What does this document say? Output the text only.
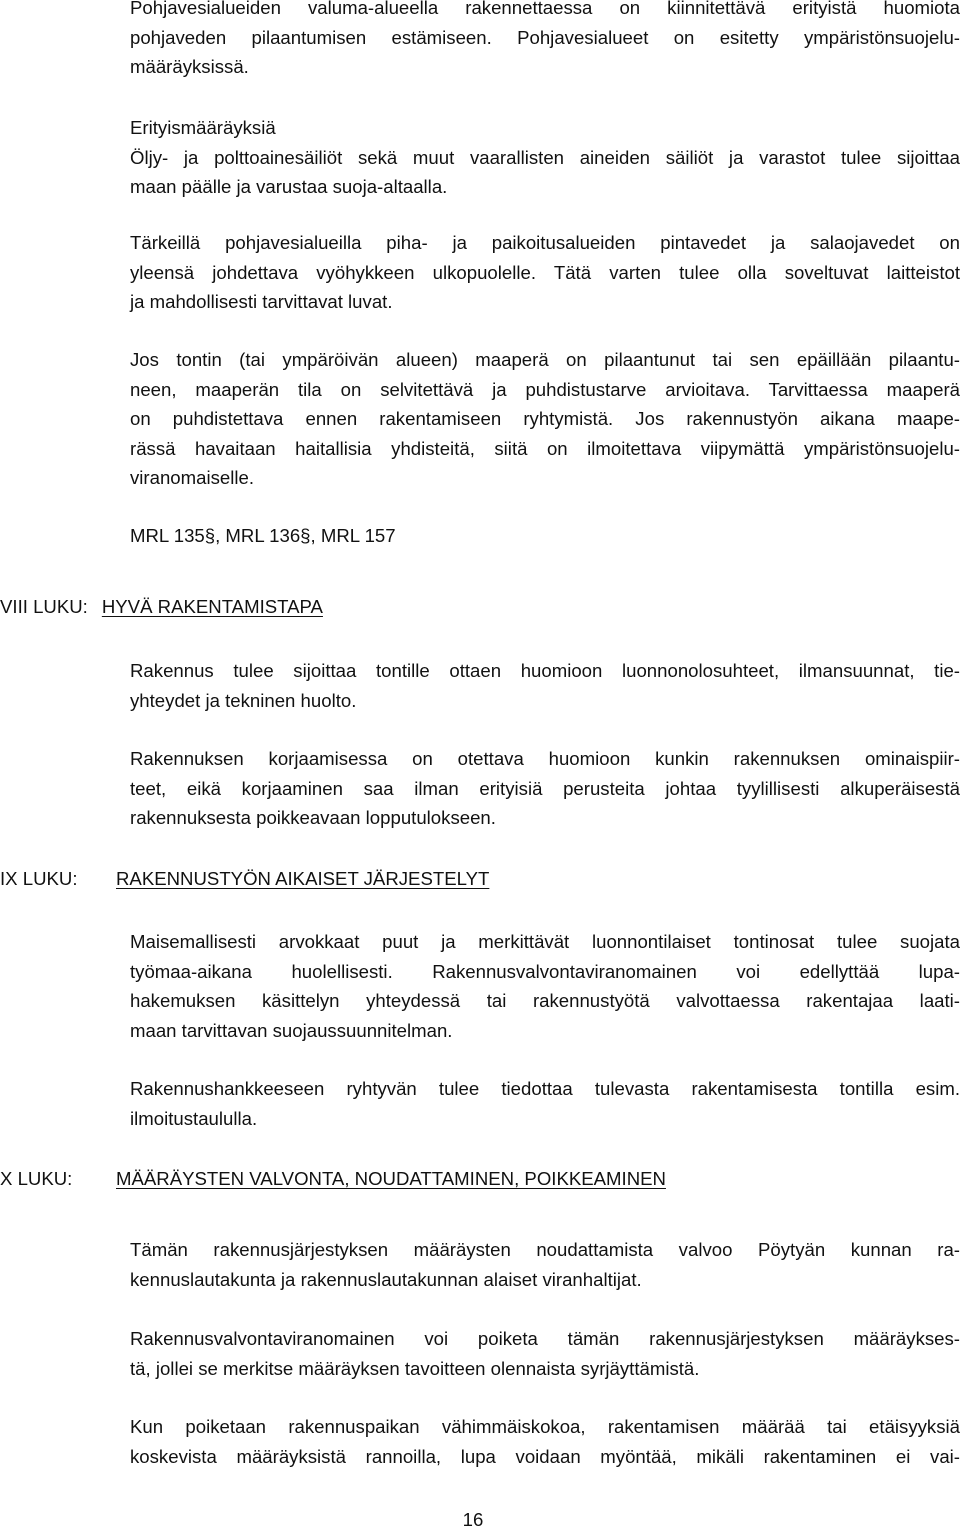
Pohjavesialueiden valuma-alueella rakennettaessa on kiinnitettävä erityistä huomiota
pohjaveden pilaantumisen estämiseen. Pohjavesialueet on esitetty ympäristönsuojelu-
määräyksissä.
Erityismääräyksiä
Öljy- ja polttoainesäiliöt sekä muut vaarallisten aineiden säiliöt ja varastot tulee sijoittaa
maan päälle ja varustaa suoja-altaalla.
Tärkeillä pohjavesialueilla piha- ja paikoitusalueiden pintavedet ja salaojavedet on
yleensä johdettava vyöhykkeen ulkopuolelle. Tätä varten tulee olla soveltuvat laitteistot
ja mahdollisesti tarvittavat luvat.
Jos tontin (tai ympäröivän alueen) maaperä on pilaantunut tai sen epäillään pilaantu-
neen, maaperän tila on selvitettävä ja puhdistustarve arvioitava. Tarvittaessa maaperä
on puhdistettava ennen rakentamiseen ryhtymistä. Jos rakennustyön aikana maape-
rässä havaitaan haitallisia yhdisteitä, siitä on ilmoitettava viipymättä ympäristönsuojelu-
viranomaiselle.
MRL 135§, MRL 136§, MRL 157
VIII LUKU: HYVÄ RAKENTAMISTAPA
Rakennus tulee sijoittaa tontille ottaen huomioon luonnonolosuhteet, ilmansuunnat, tie-
yhteydet ja tekninen huolto.
Rakennuksen korjaamisessa on otettava huomioon kunkin rakennuksen ominaispiir-
teet, eikä korjaaminen saa ilman erityisiä perusteita johtaa tyylillisesti alkuperäisestä
rakennuksesta poikkeavaan lopputulokseen.
IX LUKU: RAKENNUSTYÖN AIKAISET JÄRJESTELYT
Maisemallisesti arvokkaat puut ja merkittävät luonnontilaiset tontinosat tulee suojata
työmaa-aikana huolellisesti. Rakennusvalvontaviranomainen voi edellyttää lupa-
hakemuksen käsittelyn yhteydessä tai rakennustyötä valvottaessa rakentajaa laati-
maan tarvittavan suojaussuunnitelman.
Rakennushankkeeseen ryhtyvän tulee tiedottaa tulevasta rakentamisesta tontilla esim.
ilmoitustaululla.
X LUKU: MÄÄRÄYSTEN VALVONTA, NOUDATTAMINEN, POIKKEAMINEN
Tämän rakennusjärjestyksen määräysten noudattamista valvoo Pöytyän kunnan ra-
kennuslautakunta ja rakennuslautakunnan alaiset viranhaltijat.
Rakennusvalvontaviranomainen voi poiketa tämän rakennusjärjestyksen määräykses-
tä, jollei se merkitse määräyksen tavoitteen olennaista syrjäyttämistä.
Kun poiketaan rakennuspaikan vähimmäiskokoa, rakentamisen määrää tai etäisyyksiä
koskevista määräyksistä rannoilla, lupa voidaan myöntää, mikäli rakentaminen ei vai-
16
